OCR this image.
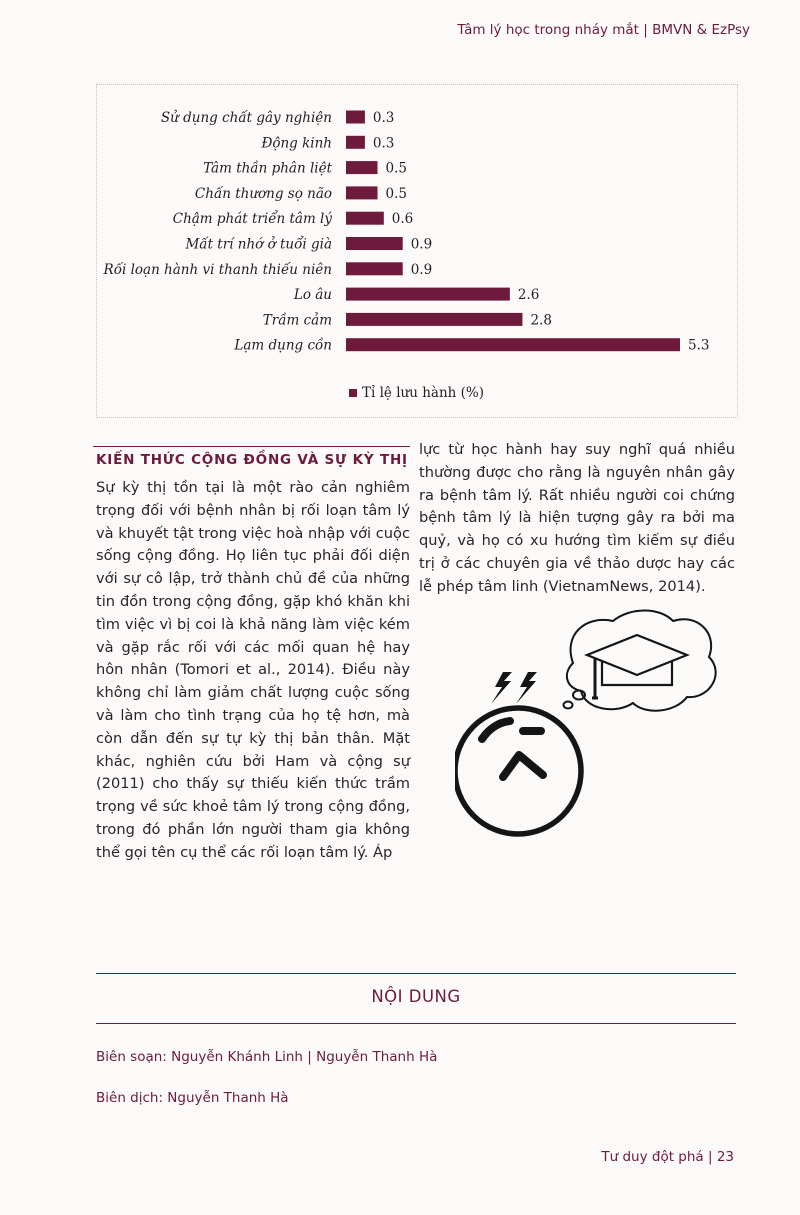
Tâm lý học trong nháy mắt | BMVN & EzPsy
Sử dụng chất gây nghiện	0.3
Động kinh	0.3
Tâm thần phân liệt	0.5
Chấn thương sọ não	0.5
Chậm phát triển tâm lý	0.6
Mất trí nhớ ở tuổi già	0.9
Rối loạn hành vi thanh thiếu niên	0.9
Lo âu	2.6
Trầm cảm	2.8
Lạm dụng cồn	5.3
Tỉ lệ lưu hành (%)
KIẾN THỨC CỘNG ĐỒNG VÀ SỰ KỲ THỊ

Sự kỳ thị tồn tại là một rào cản nghiêm trọng đối với bệnh nhân bị rối loạn tâm lý và khuyết tật trong việc hoà nhập với cuộc sống cộng đồng. Họ liên tục phải đối diện với sự cô lập, trở thành chủ đề của những tin đồn trong cộng đồng, gặp khó khăn khi tìm việc vì bị coi là khả năng làm việc kém và gặp rắc rối với các mối quan hệ hay hôn nhân (Tomori et al., 2014). Điều này không chỉ làm giảm chất lượng cuộc sống và làm cho tình trạng của họ tệ hơn, mà còn dẫn đến sự tự kỳ thị bản thân. Mặt khác, nghiên cứu bởi Ham và cộng sự (2011) cho thấy sự thiếu kiến thức trầm trọng về sức khoẻ tâm lý trong cộng đồng, trong đó phần lớn người tham gia không thể gọi tên cụ thể các rối loạn tâm lý. Áp

lực từ học hành hay suy nghĩ quá nhiều thường được cho rằng là nguyên nhân gây ra bệnh tâm lý. Rất nhiều người coi chứng bệnh tâm lý là hiện tượng gây ra bởi ma quỷ, và họ có xu hướng tìm kiếm sự điều trị ở các chuyên gia về thảo dược hay các lễ phép tâm linh (VietnamNews, 2014).

NỘI DUNG
Biên soạn: Nguyễn Khánh Linh | Nguyễn Thanh Hà
Biên dịch: Nguyễn Thanh Hà
Tư duy đột phá | 23
